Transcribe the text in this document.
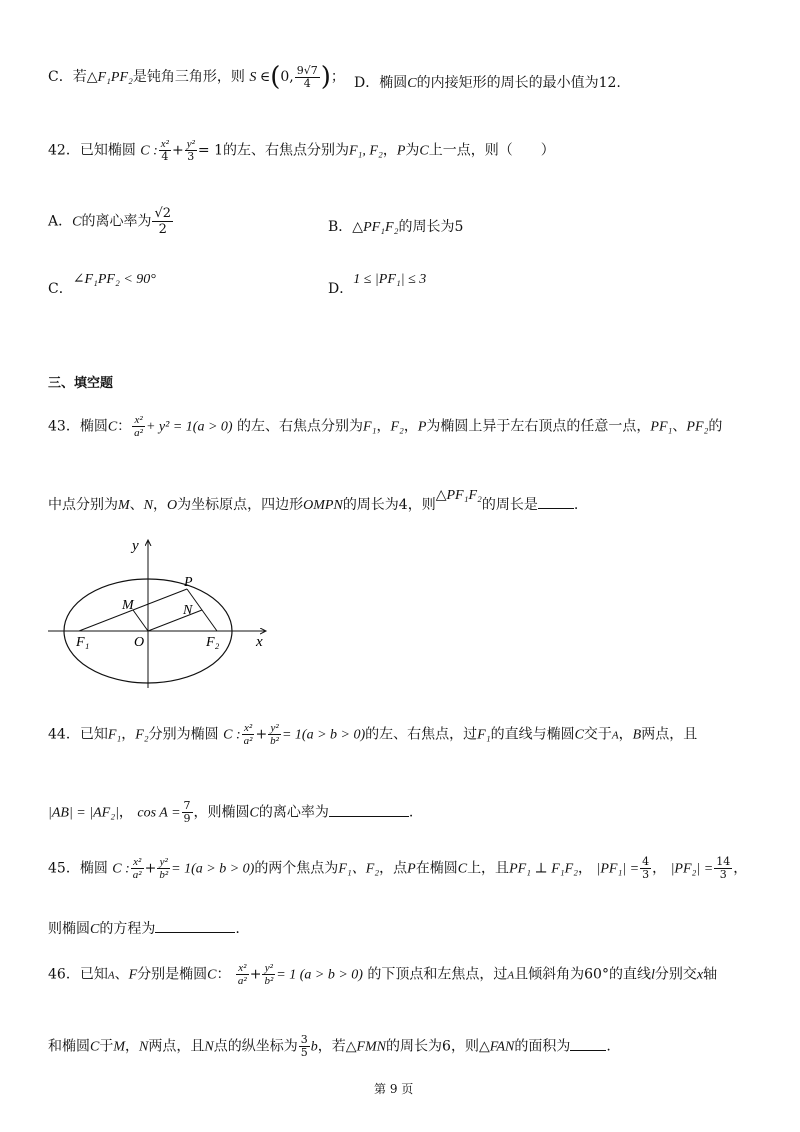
C．若△F₁PF₂是钝角三角形，则 S ∈(0, $\frac{9√7}{4}$ )； D．椭圆C的内接矩形的周长的最小值为12.
42．已知椭圆 C : $\frac{\text{x²}}{4} + \frac{\text{y²}}{3} = 1$的左、右焦点分别为F₁, F₂，P为C上一点，则（　　）
A．C的离心率为 $\frac{√2}{2}$	B．△PF₁F₂的周长为5
C．∠F₁PF₂ < 90°
D．1 ≤ |PF₁| ≤ 3
三、填空题
43．椭圆C： $\frac{\text{x²}}{\text{a²}} + y^2 = 1(a > 0)$ 的左、右焦点分别为F₁，F₂，P为椭圆上异于左右顶点的任意一点，PF₁、PF₂的
中点分别为M、N，O为坐标原点，四边形OMPN的周长为4，则△PF₁F₂的周长是	.
y
x
P
M	N
O
F₁	F₂
44．已知F₁，F₂分别为椭圆 C : $\frac{\text{x²}}{\text{a²}} + \frac{\text{y²}}{\text{b²}} = 1(a > b > 0)$的左、右焦点，过F₁的直线与椭圆C交于A，B两点，且
|AB| = |AF₂|， $\cos A = \frac{7}{9}$ ，则椭圆C的离心率为	.
45．椭圆 C : $\frac{\text{x²}}{\text{a²}} + \frac{\text{y²}}{\text{b²}} = 1(a > b > 0)$的两个焦点为F₁、F₂，点P在椭圆C上，且PF₁ ⊥ F₁F₂， $|PF_1| = \frac{4}{3}$ ， $|PF_2| = \frac{14}{3}$ ，
则椭圆C的方程为	.
46．已知A、F分别是椭圆C： $\frac{\text{x²}}{\text{a²}} + \frac{\text{y²}}{\text{b²}} = 1$ (a > b > 0) 的下顶点和左焦点，过A且倾斜角为60°的直线l分别交x轴
和椭圆C于M，N两点，且N点的纵坐标为 $\frac{3}{5}$ b，若△FMN的周长为6，则△FAN的面积为	.
第 9 页
